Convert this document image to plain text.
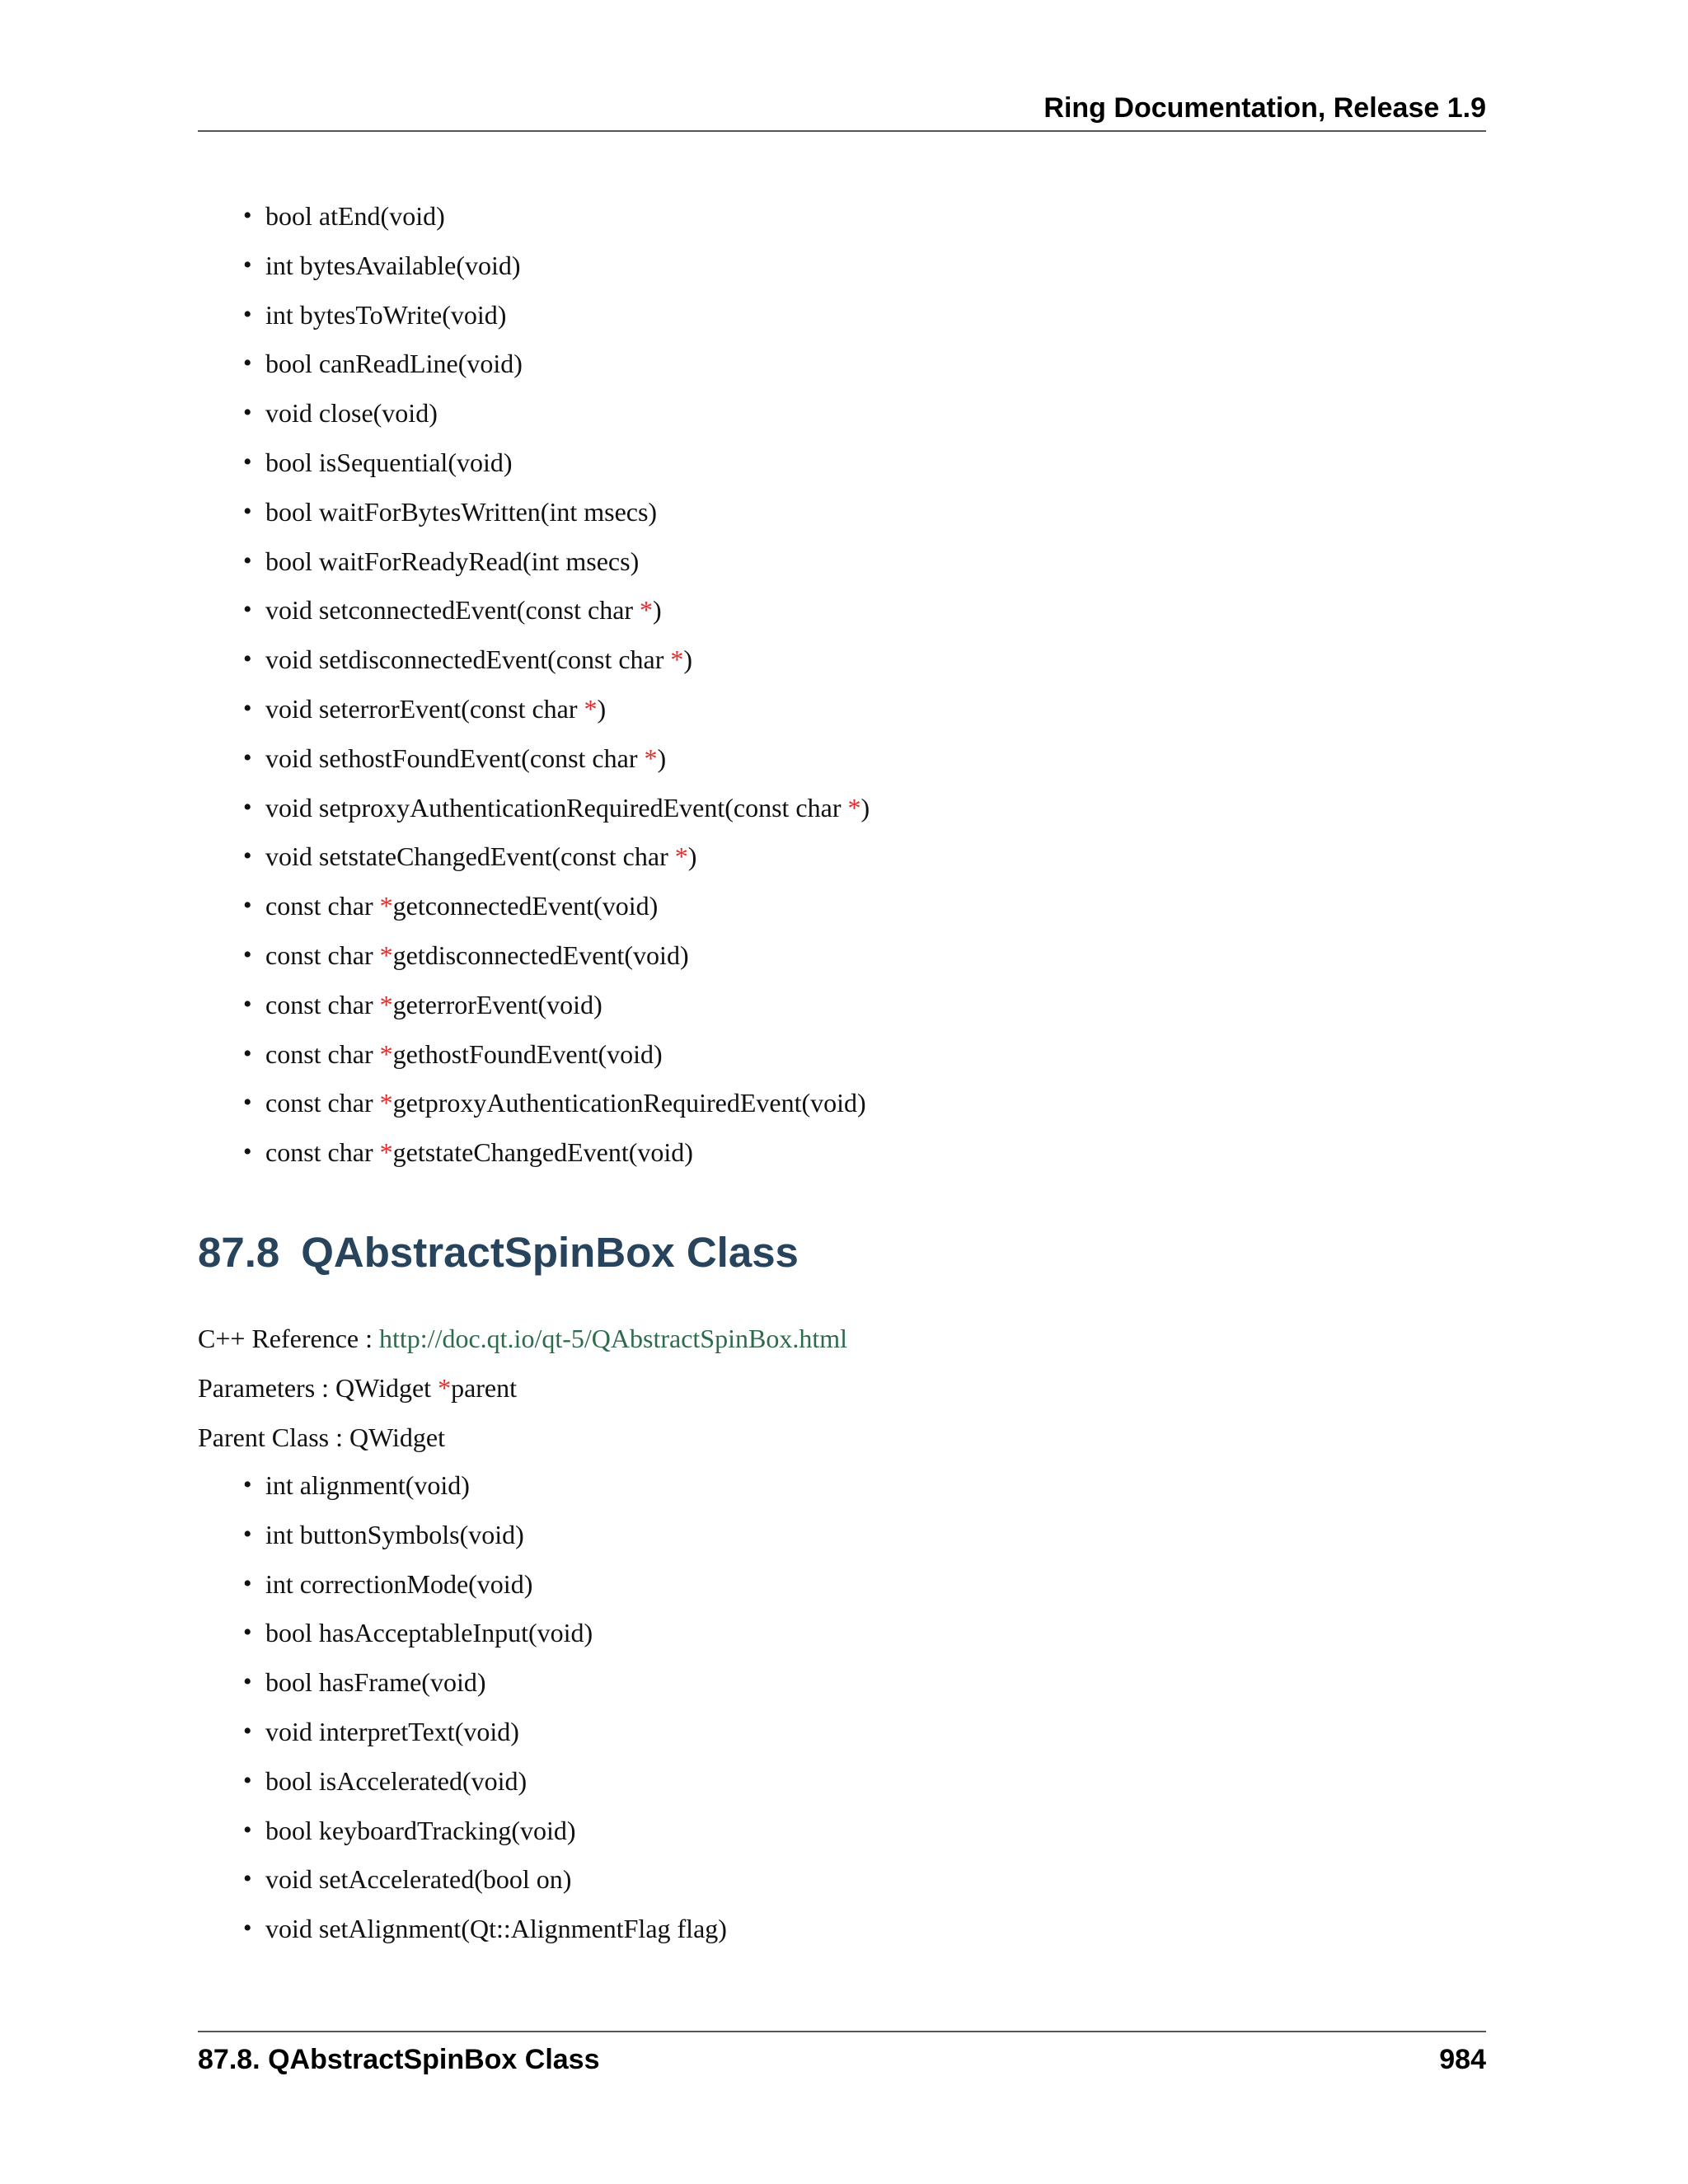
Ring Documentation, Release 1.9
• bool atEnd(void)
• int bytesAvailable(void)
• int bytesToWrite(void)
• bool canReadLine(void)
• void close(void)
• bool isSequential(void)
• bool waitForBytesWritten(int msecs)
• bool waitForReadyRead(int msecs)
• void setconnectedEvent(const char *)
• void setdisconnectedEvent(const char *)
• void seterrorEvent(const char *)
• void sethostFoundEvent(const char *)
• void setproxyAuthenticationRequiredEvent(const char *)
• void setstateChangedEvent(const char *)
• const char *getconnectedEvent(void)
• const char *getdisconnectedEvent(void)
• const char *geterrorEvent(void)
• const char *gethostFoundEvent(void)
• const char *getproxyAuthenticationRequiredEvent(void)
• const char *getstateChangedEvent(void)
87.8 QAbstractSpinBox Class
C++ Reference : http://doc.qt.io/qt-5/QAbstractSpinBox.html
Parameters : QWidget *parent
Parent Class : QWidget
• int alignment(void)
• int buttonSymbols(void)
• int correctionMode(void)
• bool hasAcceptableInput(void)
• bool hasFrame(void)
• void interpretText(void)
• bool isAccelerated(void)
• bool keyboardTracking(void)
• void setAccelerated(bool on)
• void setAlignment(Qt::AlignmentFlag flag)
87.8. QAbstractSpinBox Class	984
